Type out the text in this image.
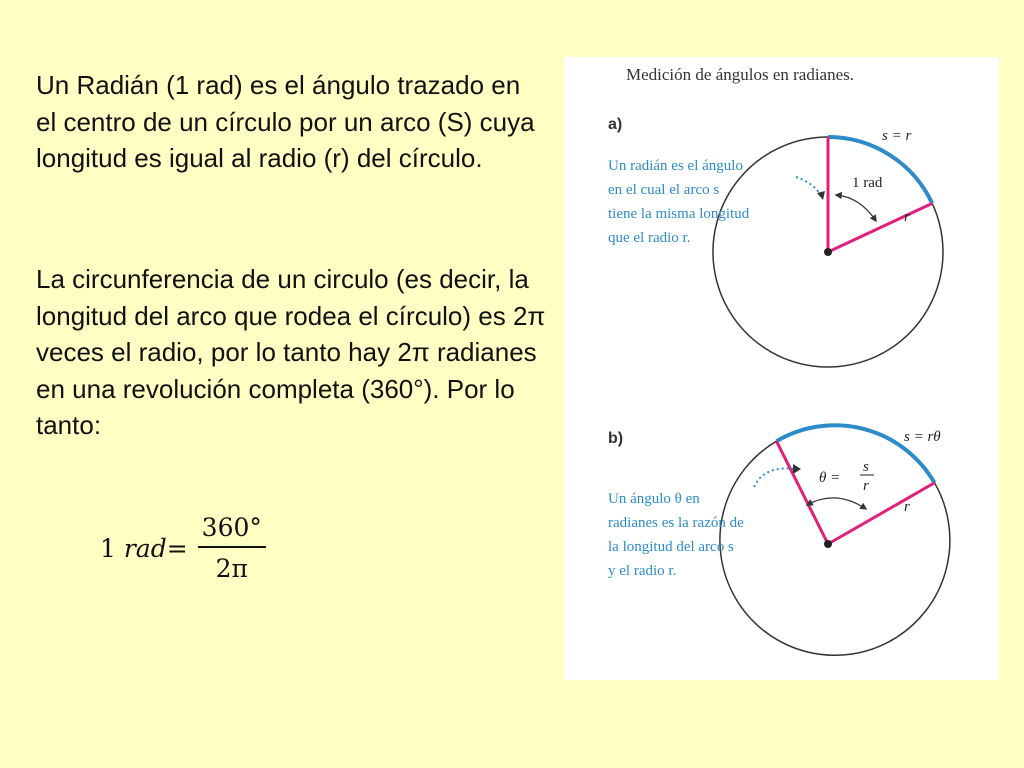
Un Radián (1 rad) es el ángulo trazado en el centro de un círculo por un arco (S) cuya longitud es igual al radio (r) del círculo.

La circunferencia de un circulo (es decir, la longitud del arco que rodea el círculo) es 2π veces el radio, por lo tanto hay 2π radianes en una revolución completa (360°). Por lo tanto:

1 $rad= \frac{360^\circ}{2\pi}$
Medición de ángulos en radianes.
a)
1 rad
s = r
r
Un radián es el ángulo
en el cual el arco s
tiene la misma longitud
que el radio r.
b)
θ =
s
r
s = rθ
r
Un ángulo θ en
radianes es la razón de
la longitud del arco s
y el radio r.
